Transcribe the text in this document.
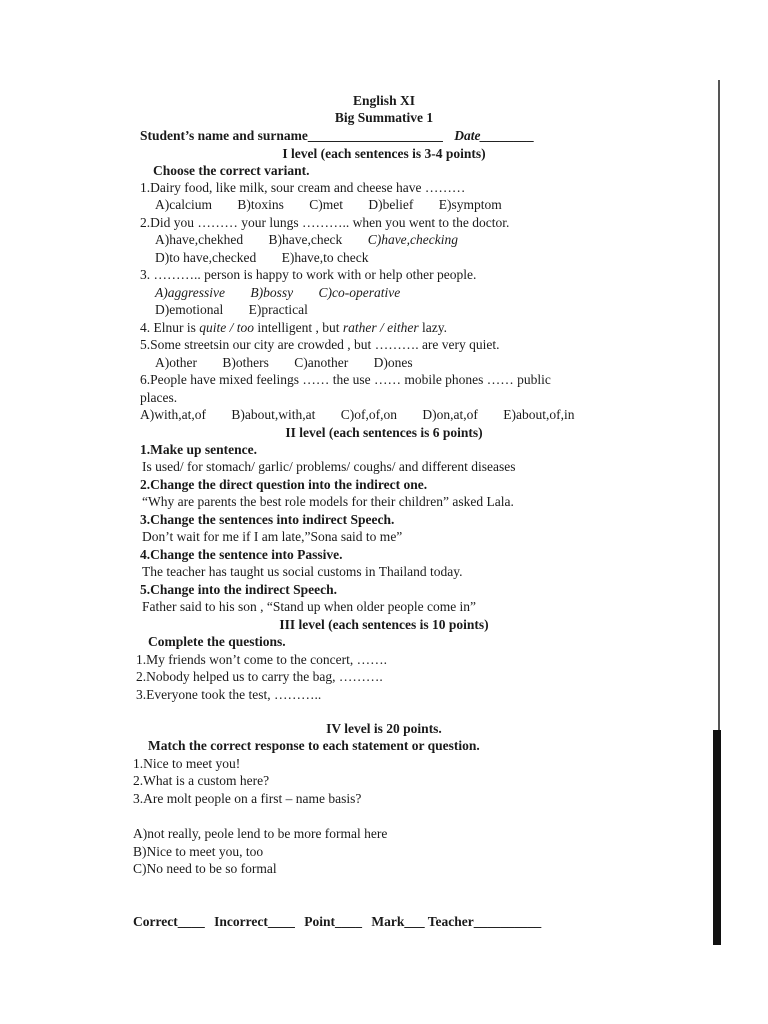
English XI
Big Summative 1
Student’s name and surname____________________ Date________
I level (each sentences is 3-4 points)
Choose the correct variant.
1.Dairy food, like milk, sour cream and cheese have ………
A)calcium B)toxins C)met D)belief E)symptom
2.Did you ……… your lungs ……….. when you went to the doctor.
A)have,chekhed B)have,check C)have,checking
D)to have,checked E)have,to check
3. ……….. person is happy to work with or help other people.
A)aggressive B)bossy C)co-operative
D)emotional E)practical
4. Elnur is quite / too intelligent , but rather / either lazy.
5.Some streetsin our city are crowded , but ………. are very quiet.
A)other B)others C)another D)ones
6.People have mixed feelings …… the use …… mobile phones …… public
places.
A)with,at,of B)about,with,at C)of,of,on D)on,at,of E)about,of,in
II level (each sentences is 6 points)
1.Make up sentence.
Is used/ for stomach/ garlic/ problems/ coughs/ and different diseases
2.Change the direct question into the indirect one.
“Why are parents the best role models for their children” asked Lala.
3.Change the sentences into indirect Speech.
Don’t wait for me if I am late,”Sona said to me”
4.Change the sentence into Passive.
The teacher has taught us social customs in Thailand today.
5.Change into the indirect Speech.
Father said to his son , “Stand up when older people come in”
III level (each sentences is 10 points)
Complete the questions.
1.My friends won’t come to the concert, …….
2.Nobody helped us to carry the bag, ……….
3.Everyone took the test, ………..
IV level is 20 points.
Match the correct response to each statement or question.
1.Nice to meet you!
2.What is a custom here?
3.Are molt people on a first – name basis?
A)not really, peole lend to be more formal here
B)Nice to meet you, too
C)No need to be so formal
Correct____ Incorrect____ Point____ Mark___ Teacher__________
